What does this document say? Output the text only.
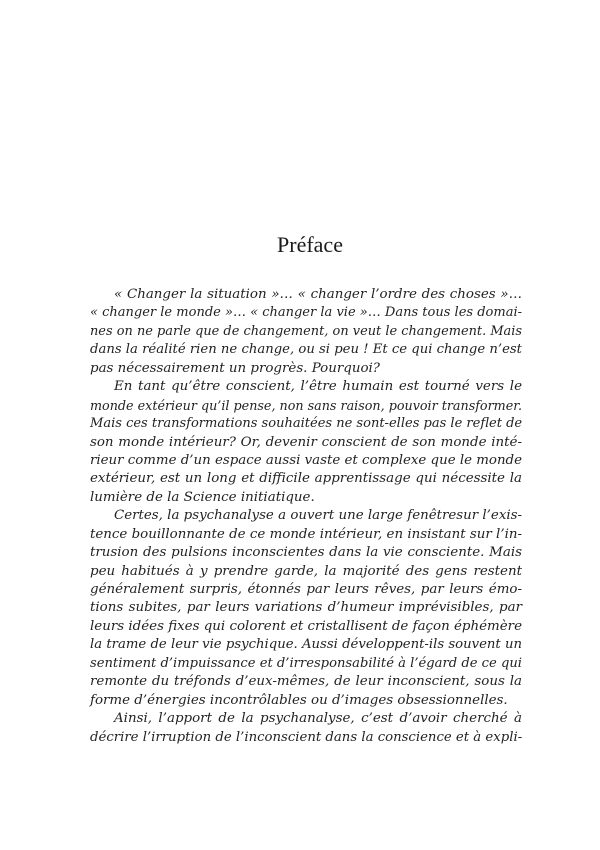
Préface
« Changer la situation »… « changer l’ordre des choses »…
« changer le monde »… « changer la vie »… Dans tous les domai-
nes on ne parle que de changement, on veut le changement. Mais
dans la réalité rien ne change, ou si peu ! Et ce qui change n’est
pas nécessairement un progrès. Pourquoi?
En tant qu’être conscient, l’être humain est tourné vers le
monde extérieur qu’il pense, non sans raison, pouvoir transformer.
Mais ces transformations souhaitées ne sont-elles pas le reflet de
son monde intérieur? Or, devenir conscient de son monde inté-
rieur comme d’un espace aussi vaste et complexe que le monde
extérieur, est un long et difficile apprentissage qui nécessite la
lumière de la Science initiatique.
Certes, la psychanalyse a ouvert une large fenêtresur l’exis-
tence bouillonnante de ce monde intérieur, en insistant sur l’in-
trusion des pulsions inconscientes dans la vie consciente. Mais
peu habitués à y prendre garde, la majorité des gens restent
généralement surpris, étonnés par leurs rêves, par leurs émo-
tions subites, par leurs variations d’humeur imprévisibles, par
leurs idées fixes qui colorent et cristallisent de façon éphémère
la trame de leur vie psychique. Aussi développent-ils souvent un
sentiment d’impuissance et d’irresponsabilité à l’égard de ce qui
remonte du tréfonds d’eux-mêmes, de leur inconscient, sous la
forme d’énergies incontrôlables ou d’images obsessionnelles.
Ainsi, l’apport de la psychanalyse, c’est d’avoir cherché à
décrire l’irruption de l’inconscient dans la conscience et à expli-
